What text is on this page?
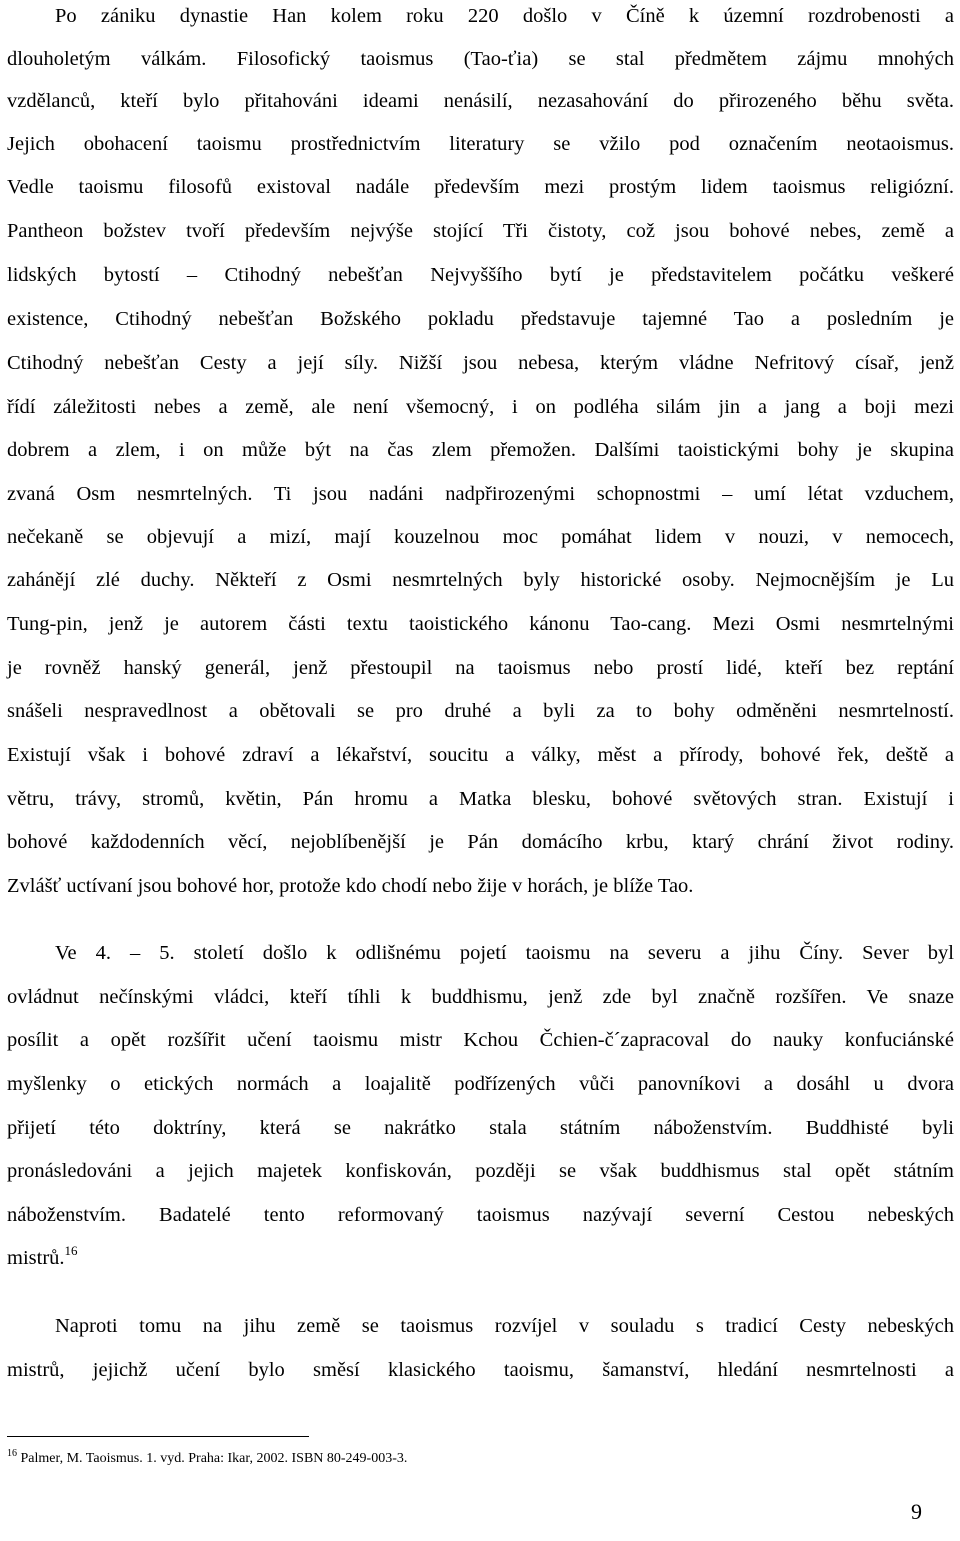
Po zániku dynastie Han kolem roku 220 došlo v Číně k územní rozdrobenosti a
dlouholetým válkám. Filosofický taoismus (Tao-ťia) se stal předmětem zájmu mnohých
vzdělanců, kteří bylo přitahováni ideami nenásilí, nezasahování do přirozeného běhu světa.
Jejich obohacení taoismu prostřednictvím literatury se vžilo pod označením neotaoismus.
Vedle taoismu filosofů existoval nadále především mezi prostým lidem taoismus religiózní.
Pantheon božstev tvoří především nejvýše stojící Tři čistoty, což jsou bohové nebes, země a
lidských bytostí – Ctihodný nebešťan Nejvyššího bytí je představitelem počátku veškeré
existence, Ctihodný nebešťan Božského pokladu představuje tajemné Tao a posledním je
Ctihodný nebešťan Cesty a její síly. Nižší jsou nebesa, kterým vládne Nefritový císař, jenž
řídí záležitosti nebes a země, ale není všemocný, i on podléha silám jin a jang a boji mezi
dobrem a zlem, i on může být na čas zlem přemožen. Dalšími taoistickými bohy je skupina
zvaná Osm nesmrtelných. Ti jsou nadáni nadpřirozenými schopnostmi – umí létat vzduchem,
nečekaně se objevují a mizí, mají kouzelnou moc pomáhat lidem v nouzi, v nemocech,
zahánějí zlé duchy. Někteří z Osmi nesmrtelných byly historické osoby. Nejmocnějším je Lu
Tung-pin, jenž je autorem části textu taoistického kánonu Tao-cang. Mezi Osmi nesmrtelnými
je rovněž hanský generál, jenž přestoupil na taoismus nebo prostí lidé, kteří bez reptání
snášeli nespravedlnost a obětovali se pro druhé a byli za to bohy odměněni nesmrtelností.
Existují však i bohové zdraví a lékařství, soucitu a války, měst a přírody, bohové řek, deště a
větru, trávy, stromů, květin, Pán hromu a Matka blesku, bohové světových stran. Existují i
bohové každodenních věcí, nejoblíbenější je Pán domácího krbu, ktarý chrání život rodiny.
Zvlášť uctívaní jsou bohové hor, protože kdo chodí nebo žije v horách, je blíže Tao.
Ve 4. – 5. století došlo k odlišnému pojetí taoismu na severu a jihu Číny. Sever byl
ovládnut nečínskými vládci, kteří tíhli k buddhismu, jenž zde byl značně rozšířen. Ve snaze
posílit a opět rozšířit učení taoismu mistr Kchou Čchien-č´zapracoval do nauky konfuciánské
myšlenky o etických normách a loajalitě podřízených vůči panovníkovi a dosáhl u dvora
přijetí této doktríny, která se nakrátko stala státním náboženstvím. Buddhisté byli
pronásledováni a jejich majetek konfiskován, později se však buddhismus stal opět státním
náboženstvím. Badatelé tento reformovaný taoismus nazývají severní Cestou nebeských
mistrů.$^{16}$
Naproti tomu na jihu země se taoismus rozvíjel v souladu s tradicí Cesty nebeských
mistrů, jejichž učení bylo směsí klasického taoismu, šamanství, hledání nesmrtelnosti a
$^{16}$ Palmer, M. Taoismus. 1. vyd. Praha: Ikar, 2002. ISBN 80-249-003-3.
9
